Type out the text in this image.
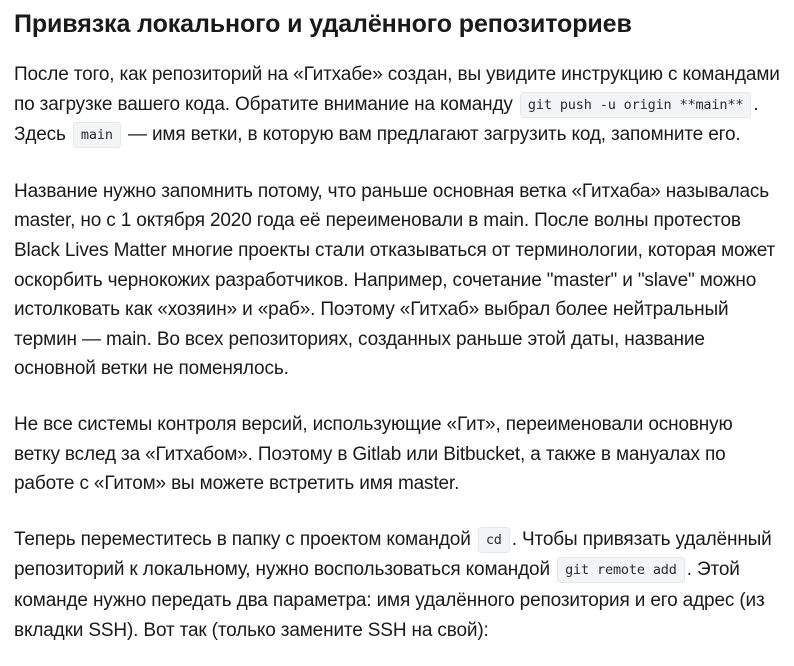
Привязка локального и удалённого репозиториев

После того, как репозиторий на «Гитхабе» создан, вы увидите инструкцию с командами по загрузке вашего кода. Обратите внимание на команду git push -u origin **main** . Здесь main — имя ветки, в которую вам предлагают загрузить код, запомните его.

Название нужно запомнить потому, что раньше основная ветка «Гитхаба» называлась master, но с 1 октября 2020 года её переименовали в main. После волны протестов Black Lives Matter многие проекты стали отказываться от терминологии, которая может оскорбить чернокожих разработчиков. Например, сочетание "master" и "slave" можно истолковать как «хозяин» и «раб». Поэтому «Гитхаб» выбрал более нейтральный термин — main. Во всех репозиториях, созданных раньше этой даты, название основной ветки не поменялось.

Не все системы контроля версий, использующие «Гит», переименовали основную ветку вслед за «Гитхабом». Поэтому в Gitlab или Bitbucket, а также в мануалах по работе с «Гитом» вы можете встретить имя master.

Теперь переместитесь в папку с проектом командой cd . Чтобы привязать удалённый репозиторий к локальному, нужно воспользоваться командой git remote add . Этой команде нужно передать два параметра: имя удалённого репозитория и его адрес (из вкладки SSH). Вот так (только замените SSH на свой):
